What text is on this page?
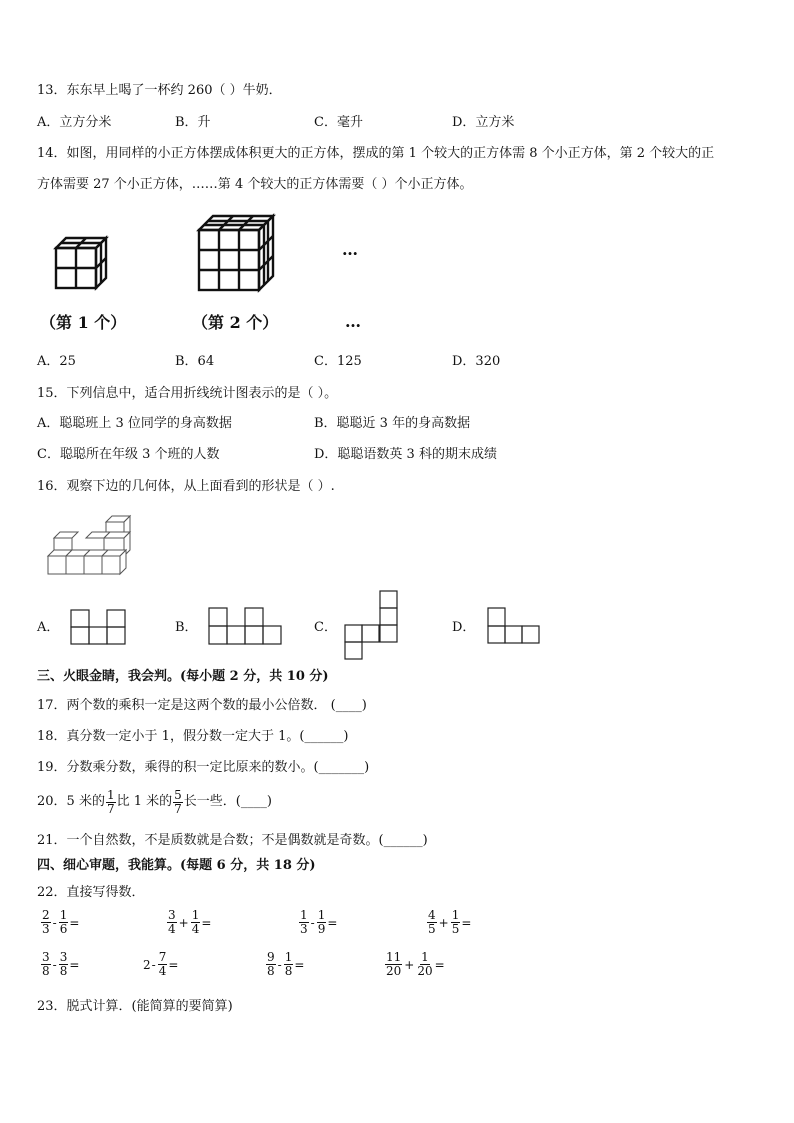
13．东东早上喝了一杯约 260（ ）牛奶．
A．立方分米	B．升	C．毫升	D．立方米
14．如图，用同样的小正方体摆成体积更大的正方体，摆成的第 1 个较大的正方体需 8 个小正方体，第 2 个较大的正
方体需要 27 个小正方体，……第 4 个较大的正方体需要（ ）个小正方体。
…
（第 1 个）	（第 2 个）	…
A．25	B．64	C．125	D．320
15．下列信息中，适合用折线统计图表示的是（ ）。
A．聪聪班上 3 位同学的身高数据	B．聪聪近 3 年的身高数据
C．聪聪所在年级 3 个班的人数	D．聪聪语数英 3 科的期末成绩
16．观察下边的几何体，从上面看到的形状是（ ）.
A．	B．	C．	D．
三、火眼金睛，我会判。(每小题 2 分，共 10 分)
17．两个数的乘积一定是这两个数的最小公倍数． (____)
18．真分数一定小于 1，假分数一定大于 1。(______)
19．分数乘分数，乘得的积一定比原来的数小。(_______)
20．5 米的 $\frac{1}{7}$ 比 1 米的 $\frac{5}{7}$ 长一些．(____)
21．一个自然数，不是质数就是合数；不是偶数就是奇数。(______)
四、细心审题，我能算。(每题 6 分，共 18 分)
22．直接写得数．
$\frac{2}{3} - \frac{1}{6}$ =	$\frac{3}{4} + \frac{1}{4}$ =	$\frac{1}{3} - \frac{1}{9}$ =	$\frac{4}{5} + \frac{1}{5}$ =
$\frac{3}{8} - \frac{3}{8}$ =	$2 - \frac{7}{4}$ =	$\frac{9}{8} - \frac{1}{8}$ =	$\frac{11}{20} + \frac{1}{20}$ =
23．脱式计算．(能简算的要简算)
